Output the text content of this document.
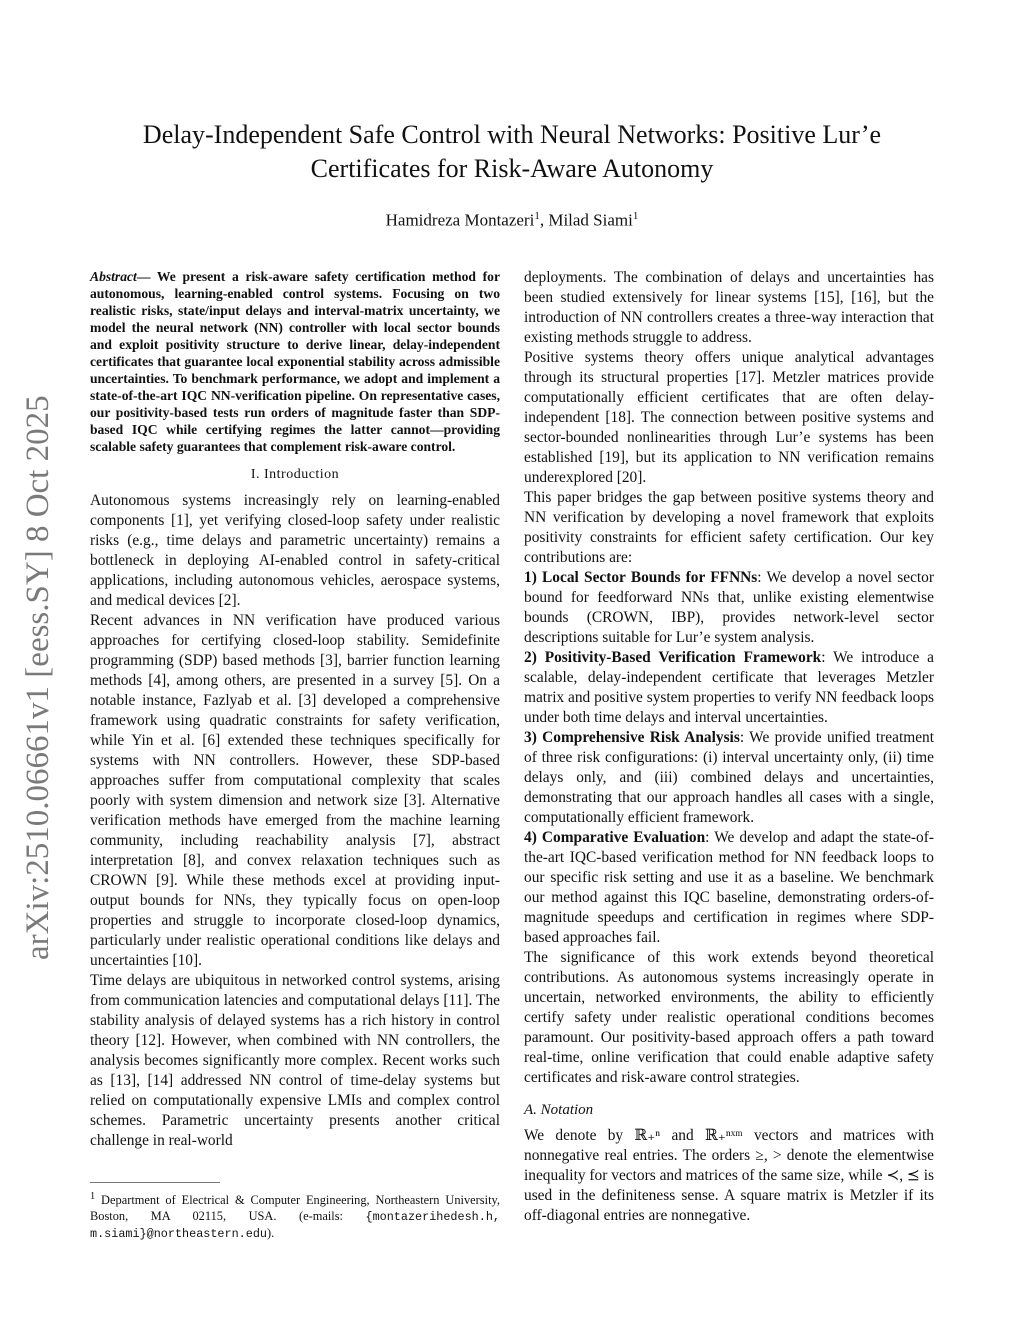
arXiv:2510.06661v1 [eess.SY] 8 Oct 2025
Delay-Independent Safe Control with Neural Networks: Positive Lur’e
Certificates for Risk-Aware Autonomy
Hamidreza Montazeri$^1$, Milad Siami$^1$

Abstract— We present a risk-aware safety certification method for autonomous, learning-enabled control systems. Focusing on two realistic risks, state/input delays and interval-matrix uncertainty, we model the neural network (NN) controller with local sector bounds and exploit positivity structure to derive linear, delay-independent certificates that guarantee local exponential stability across admissible uncertainties. To benchmark performance, we adopt and implement a state-of-the-art IQC NN-verification pipeline. On representative cases, our positivity-based tests run orders of magnitude faster than SDP-based IQC while certifying regimes the latter cannot—providing scalable safety guarantees that complement risk-aware control.

I. Introduction

Autonomous systems increasingly rely on learning-enabled components [1], yet verifying closed-loop safety under realistic risks (e.g., time delays and parametric uncertainty) remains a bottleneck in deploying AI-enabled control in safety-critical applications, including autonomous vehicles, aerospace systems, and medical devices [2].

Recent advances in NN verification have produced various approaches for certifying closed-loop stability. Semidefinite programming (SDP) based methods [3], barrier function learning methods [4], among others, are presented in a survey [5]. On a notable instance, Fazlyab et al. [3] developed a comprehensive framework using quadratic constraints for safety verification, while Yin et al. [6] extended these techniques specifically for systems with NN controllers. However, these SDP-based approaches suffer from computational complexity that scales poorly with system dimension and network size [3]. Alternative verification methods have emerged from the machine learning community, including reachability analysis [7], abstract interpretation [8], and convex relaxation techniques such as CROWN [9]. While these methods excel at providing input-output bounds for NNs, they typically focus on open-loop properties and struggle to incorporate closed-loop dynamics, particularly under realistic operational conditions like delays and uncertainties [10].

Time delays are ubiquitous in networked control systems, arising from communication latencies and computational delays [11]. The stability analysis of delayed systems has a rich history in control theory [12]. However, when combined with NN controllers, the analysis becomes significantly more complex. Recent works such as [13], [14] addressed NN control of time-delay systems but relied on computationally expensive LMIs and complex control schemes. Parametric uncertainty presents another critical challenge in real-world

$^1$ Department of Electrical & Computer Engineering, Northeastern University, Boston, MA 02115, USA. (e-mails: {montazerihedesh.h, m.siami}@northeastern.edu).

deployments. The combination of delays and uncertainties has been studied extensively for linear systems [15], [16], but the introduction of NN controllers creates a three-way interaction that existing methods struggle to address.

Positive systems theory offers unique analytical advantages through its structural properties [17]. Metzler matrices provide computationally efficient certificates that are often delay-independent [18]. The connection between positive systems and sector-bounded nonlinearities through Lur’e systems has been established [19], but its application to NN verification remains underexplored [20].

This paper bridges the gap between positive systems theory and NN verification by developing a novel framework that exploits positivity constraints for efficient safety certification. Our key contributions are:

1) Local Sector Bounds for FFNNs: We develop a novel sector bound for feedforward NNs that, unlike existing elementwise bounds (CROWN, IBP), provides network-level sector descriptions suitable for Lur’e system analysis.

2) Positivity-Based Verification Framework: We introduce a scalable, delay-independent certificate that leverages Metzler matrix and positive system properties to verify NN feedback loops under both time delays and interval uncertainties.

3) Comprehensive Risk Analysis: We provide unified treatment of three risk configurations: (i) interval uncertainty only, (ii) time delays only, and (iii) combined delays and uncertainties, demonstrating that our approach handles all cases with a single, computationally efficient framework.

4) Comparative Evaluation: We develop and adapt the state-of-the-art IQC-based verification method for NN feedback loops to our specific risk setting and use it as a baseline. We benchmark our method against this IQC baseline, demonstrating orders-of-magnitude speedups and certification in regimes where SDP-based approaches fail.

The significance of this work extends beyond theoretical contributions. As autonomous systems increasingly operate in uncertain, networked environments, the ability to efficiently certify safety under realistic operational conditions becomes paramount. Our positivity-based approach offers a path toward real-time, online verification that could enable adaptive safety certificates and risk-aware control strategies.

A. Notation

We denote by ℝ₊ⁿ and ℝ₊ⁿˣᵐ vectors and matrices with nonnegative real entries. The orders ≥, > denote the elementwise inequality for vectors and matrices of the same size, while ≺, ⪯ is used in the definiteness sense. A square matrix is Metzler if its off-diagonal entries are nonnegative.
